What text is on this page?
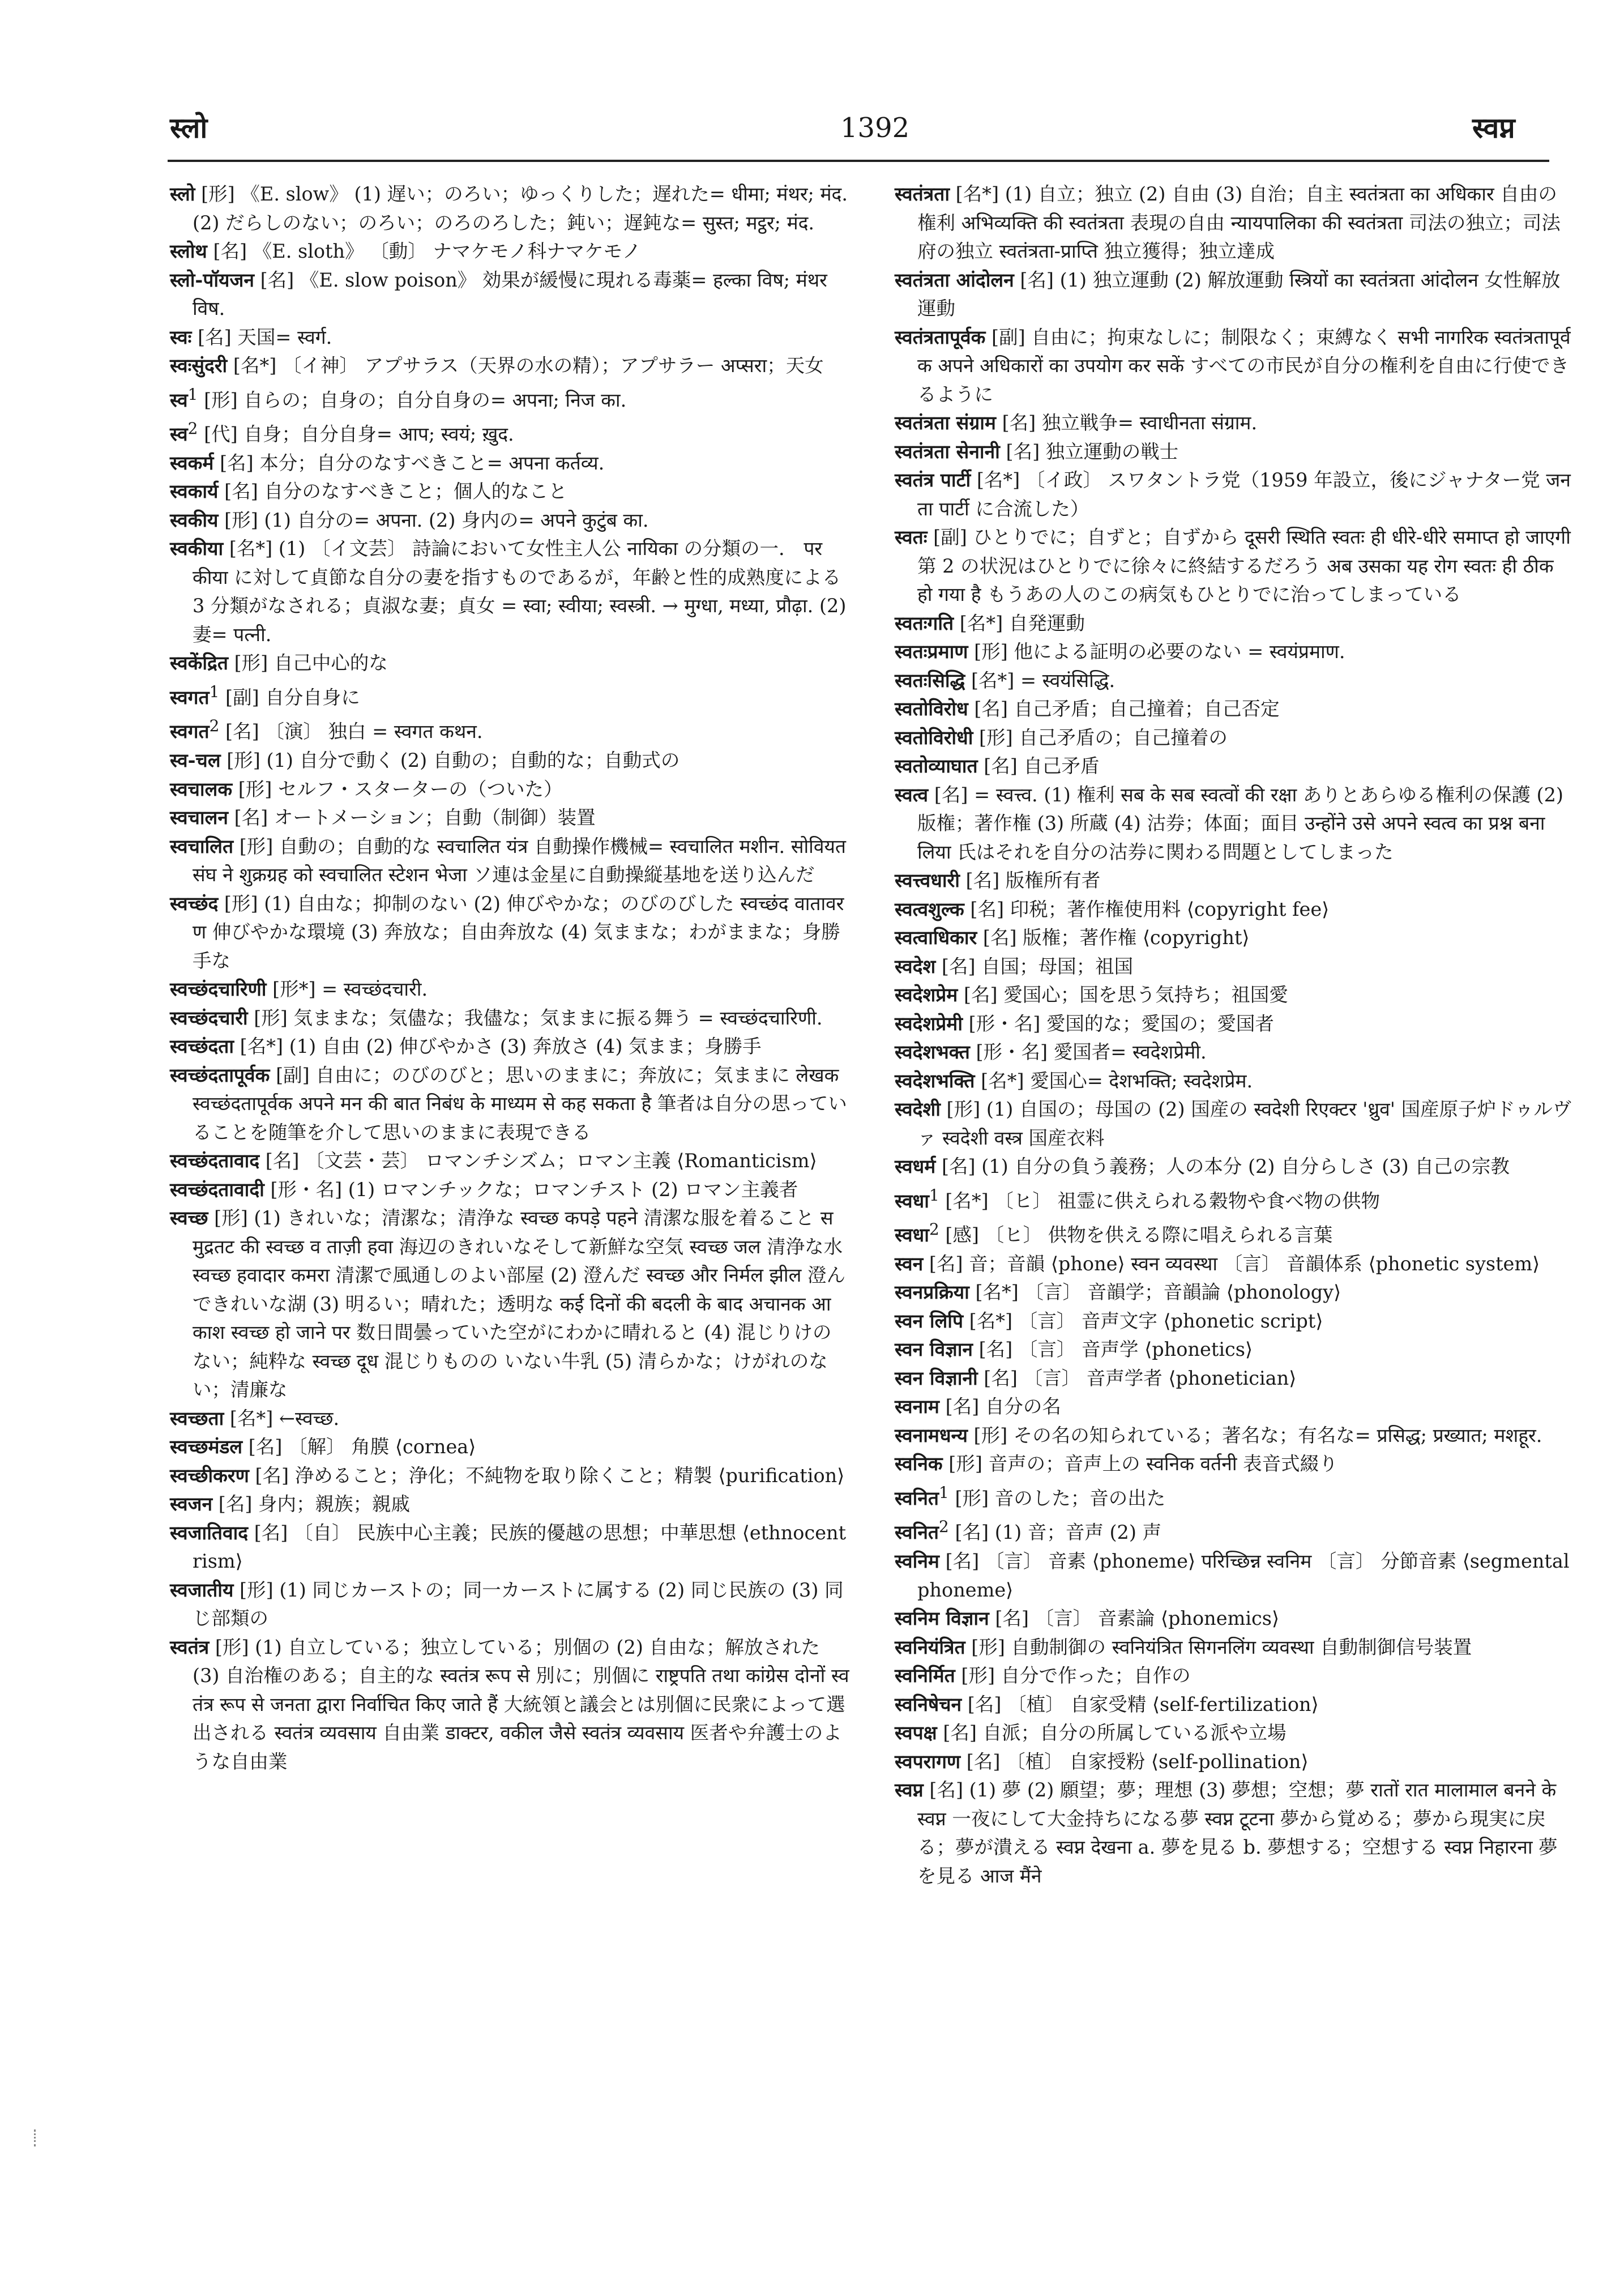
स्लो	1392	स्वप्न

स्लो [形] 《E. slow》 (1) 遅い；のろい；ゆっくりした；遅れた= धीमा; मंथर; मंद. (2) だらしのない；のろい；のろのろした；鈍い；遅鈍な= सुस्त; मट्ठर; मंद.

स्लोथ [名] 《E. sloth》 〔動〕 ナマケモノ科ナマケモノ

स्लो-पॉयजन [名] 《E. slow poison》 効果が緩慢に現れる毒薬= हल्का विष; मंथर विष.

स्वः [名] 天国= स्वर्ग.

स्वःसुंदरी [名*] 〔イ神〕 アプサラス（天界の水の精）；アプサラー अप्सरा；天女

स्व$^1$ [形] 自らの；自身の；自分自身の= अपना; निज का.

स्व$^2$ [代] 自身；自分自身= आप; स्वयं; ख़ुद.

स्वकर्म [名] 本分；自分のなすべきこと= अपना कर्तव्य.

स्वकार्य [名] 自分のなすべきこと；個人的なこと

स्वकीय [形] (1) 自分の= अपना. (2) 身内の= अपने कुटुंब का.

स्वकीया [名*] (1) 〔イ文芸〕 詩論において女性主人公 नायिका の分類の一． परकीया に対して貞節な自分の妻を指すものであるが，年齢と性的成熟度による 3 分類がなされる；貞淑な妻；貞女 = स्वा; स्वीया; स्वस्त्री. → मुग्धा, मध्या, प्रौढ़ा. (2) 妻= पत्नी.

स्वकेंद्रित [形] 自己中心的な

स्वगत$^1$ [副] 自分自身に

स्वगत$^2$ [名] 〔演〕 独白 = स्वगत कथन.

स्व-चल [形] (1) 自分で動く (2) 自動の；自動的な；自動式の

स्वचालक [形] セルフ・スターターの（ついた）

स्वचालन [名] オートメーション；自動（制御）装置

स्वचालित [形] 自動の；自動的な स्वचालित यंत्र 自動操作機械= स्वचालित मशीन. सोवियत संघ ने शुक्रग्रह को स्वचालित स्टेशन भेजा ソ連は金星に自動操縦基地を送り込んだ

स्वच्छंद [形] (1) 自由な；抑制のない (2) 伸びやかな；のびのびした स्वच्छंद वातावरण 伸びやかな環境 (3) 奔放な；自由奔放な (4) 気ままな；わがままな；身勝手な

स्वच्छंदचारिणी [形*] = स्वच्छंदचारी.

स्वच्छंदचारी [形] 気ままな；気儘な；我儘な；気ままに振る舞う = स्वच्छंदचारिणी.

स्वच्छंदता [名*] (1) 自由 (2) 伸びやかさ (3) 奔放さ (4) 気まま；身勝手

स्वच्छंदतापूर्वक [副] 自由に；のびのびと；思いのままに；奔放に；気ままに लेखक स्वच्छंदतापूर्वक अपने मन की बात निबंध के माध्यम से कह सकता है 筆者は自分の思っていることを随筆を介して思いのままに表現できる

स्वच्छंदतावाद [名] 〔文芸・芸〕 ロマンチシズム；ロマン主義 ⟨Romanticism⟩

स्वच्छंदतावादी [形・名] (1) ロマンチックな；ロマンチスト (2) ロマン主義者

स्वच्छ [形] (1) きれいな；清潔な；清浄な स्वच्छ कपड़े पहने 清潔な服を着ること समुद्रतट की स्वच्छ व ताज़ी हवा 海辺のきれいなそして新鮮な空気 स्वच्छ जल 清浄な水 स्वच्छ हवादार कमरा 清潔で風通しのよい部屋 (2) 澄んだ स्वच्छ और निर्मल झील 澄んできれいな湖 (3) 明るい；晴れた；透明な कई दिनों की बदली के बाद अचानक आकाश स्वच्छ हो जाने पर 数日間曇っていた空がにわかに晴れると (4) 混じりけのない；純粋な स्वच्छ दूध 混じりものの いない牛乳 (5) 清らかな；けがれのない；清廉な

स्वच्छता [名*] ←स्वच्छ.

स्वच्छमंडल [名] 〔解〕 角膜 ⟨cornea⟩

स्वच्छीकरण [名] 浄めること；浄化；不純物を取り除くこと；精製 ⟨purification⟩

स्वजन [名] 身内；親族；親戚

स्वजातिवाद [名] 〔自〕 民族中心主義；民族的優越の思想；中華思想 ⟨ethnocentrism⟩

स्वजातीय [形] (1) 同じカーストの；同一カーストに属する (2) 同じ民族の (3) 同じ部類の

स्वतंत्र [形] (1) 自立している；独立している；別個の (2) 自由な；解放された (3) 自治権のある；自主的な स्वतंत्र रूप से 別に；別個に राष्ट्रपति तथा कांग्रेस दोनों स्वतंत्र रूप से जनता द्वारा निर्वाचित किए जाते हैं 大統領と議会とは別個に民衆によって選出される स्वतंत्र व्यवसाय 自由業 डाक्टर, वकील जैसे स्वतंत्र व्यवसाय 医者や弁護士のような自由業

स्वतंत्रता [名*] (1) 自立；独立 (2) 自由 (3) 自治；自主 स्वतंत्रता का अधिकार 自由の権利 अभिव्यक्ति की स्वतंत्रता 表現の自由 न्यायपालिका की स्वतंत्रता 司法の独立；司法府の独立 स्वतंत्रता-प्राप्ति 独立獲得；独立達成

स्वतंत्रता आंदोलन [名] (1) 独立運動 (2) 解放運動 स्त्रियों का स्वतंत्रता आंदोलन 女性解放運動

स्वतंत्रतापूर्वक [副] 自由に；拘束なしに；制限なく；束縛なく सभी नागरिक स्वतंत्रतापूर्वक अपने अधिकारों का उपयोग कर सकें すべての市民が自分の権利を自由に行使できるように

स्वतंत्रता संग्राम [名] 独立戦争= स्वाधीनता संग्राम.

स्वतंत्रता सेनानी [名] 独立運動の戦士

स्वतंत्र पार्टी [名*] 〔イ政〕 スワタントラ党（1959 年設立，後にジャナター党 जनता पार्टी に合流した）

स्वतः [副] ひとりでに；自ずと；自ずから दूसरी स्थिति स्वतः ही धीरे-धीरे समाप्त हो जाएगी 第 2 の状況はひとりでに徐々に終結するだろう अब उसका यह रोग स्वतः ही ठीक हो गया है もうあの人のこの病気もひとりでに治ってしまっている

स्वतःगति [名*] 自発運動

स्वतःप्रमाण [形] 他による証明の必要のない = स्वयंप्रमाण.

स्वतःसिद्धि [名*] = स्वयंसिद्धि.

स्वतोविरोध [名] 自己矛盾；自己撞着；自己否定

स्वतोविरोधी [形] 自己矛盾の；自己撞着の

स्वतोव्याघात [名] 自己矛盾

स्वत्व [名] = स्वत्त्व. (1) 権利 सब के सब स्वत्वों की रक्षा ありとあらゆる権利の保護 (2) 版権；著作権 (3) 所蔵 (4) 沽券；体面；面目 उन्होंने उसे अपने स्वत्व का प्रश्न बना लिया 氏はそれを自分の沽券に関わる問題としてしまった

स्वत्त्वधारी [名] 版権所有者

स्वत्वशुल्क [名] 印税；著作権使用料 ⟨copyright fee⟩

स्वत्वाधिकार [名] 版権；著作権 ⟨copyright⟩

स्वदेश [名] 自国；母国；祖国

स्वदेशप्रेम [名] 愛国心；国を思う気持ち；祖国愛

स्वदेशप्रेमी [形・名] 愛国的な；愛国の；愛国者

स्वदेशभक्त [形・名] 愛国者= स्वदेशप्रेमी.

स्वदेशभक्ति [名*] 愛国心= देशभक्ति; स्वदेशप्रेम.

स्वदेशी [形] (1) 自国の；母国の (2) 国産の स्वदेशी रिएक्टर 'ध्रुव' 国産原子炉ドゥルヴァ स्वदेशी वस्त्र 国産衣料

स्वधर्म [名] (1) 自分の負う義務；人の本分 (2) 自分らしさ (3) 自己の宗教

स्वधा$^1$ [名*] 〔ヒ〕 祖霊に供えられる穀物や食べ物の供物

स्वधा$^2$ [感] 〔ヒ〕 供物を供える際に唱えられる言葉

स्वन [名] 音；音韻 ⟨phone⟩ स्वन व्यवस्था 〔言〕 音韻体系 ⟨phonetic system⟩

स्वनप्रक्रिया [名*] 〔言〕 音韻学；音韻論 ⟨phonology⟩

स्वन लिपि [名*] 〔言〕 音声文字 ⟨phonetic script⟩

स्वन विज्ञान [名] 〔言〕 音声学 ⟨phonetics⟩

स्वन विज्ञानी [名] 〔言〕 音声学者 ⟨phonetician⟩

स्वनाम [名] 自分の名

स्वनामधन्य [形] その名の知られている；著名な；有名な= प्रसिद्ध; प्रख्यात; मशहूर.

स्वनिक [形] 音声の；音声上の स्वनिक वर्तनी 表音式綴り

स्वनित$^1$ [形] 音のした；音の出た

स्वनित$^2$ [名] (1) 音；音声 (2) 声

स्वनिम [名] 〔言〕 音素 ⟨phoneme⟩ परिच्छिन्न स्वनिम 〔言〕 分節音素 ⟨segmental phoneme⟩

स्वनिम विज्ञान [名] 〔言〕 音素論 ⟨phonemics⟩

स्वनियंत्रित [形] 自動制御の स्वनियंत्रित सिगनलिंग व्यवस्था 自動制御信号装置

स्वनिर्मित [形] 自分で作った；自作の

स्वनिषेचन [名] 〔植〕 自家受精 ⟨self-fertilization⟩

स्वपक्ष [名] 自派；自分の所属している派や立場

स्वपरागण [名] 〔植〕 自家授粉 ⟨self-pollination⟩

स्वप्न [名] (1) 夢 (2) 願望；夢；理想 (3) 夢想；空想；夢 रातों रात मालामाल बनने के स्वप्न 一夜にして大金持ちになる夢 स्वप्न टूटना 夢から覚める；夢から現実に戻る；夢が潰える स्वप्न देखना a. 夢を見る b. 夢想する；空想する स्वप्न निहारना 夢を見る आज मैंने
